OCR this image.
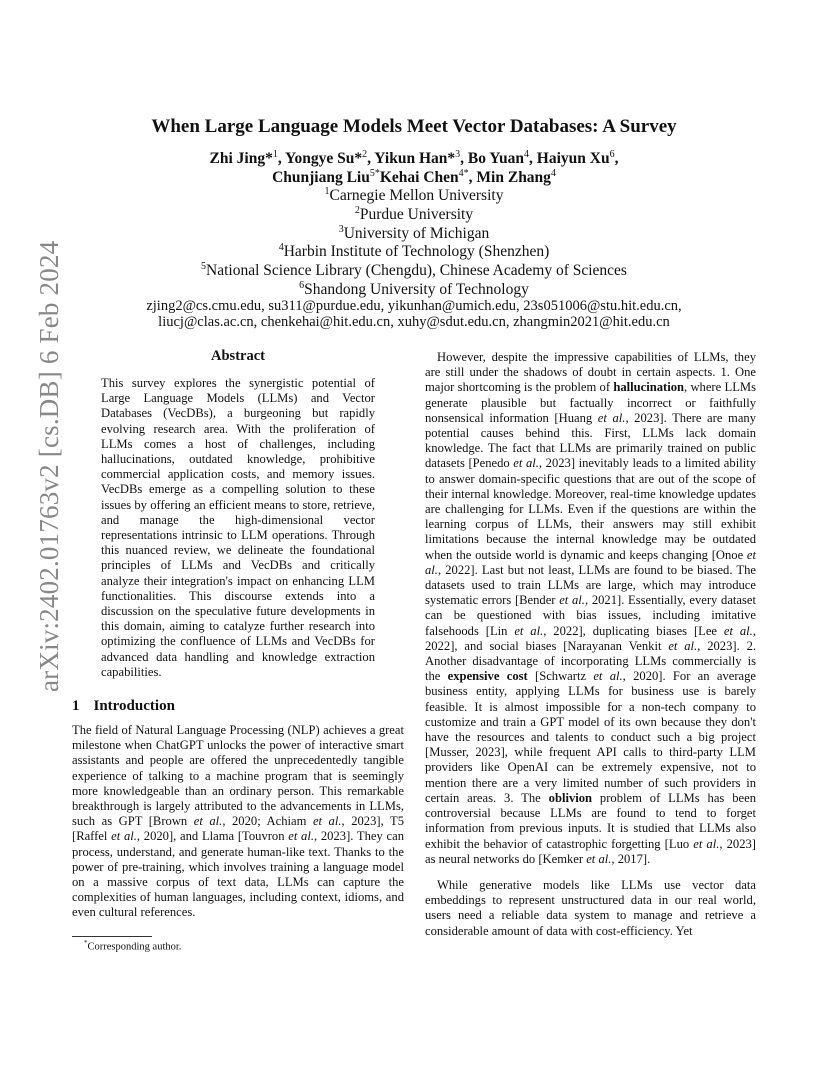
arXiv:2402.01763v2 [cs.DB] 6 Feb 2024
When Large Language Models Meet Vector Databases: A Survey
Zhi Jing*$^1$, Yongye Su*$^2$, Yikun Han*$^3$, Bo Yuan$^4$, Haiyun Xu$^6$,
Chunjiang Liu$^{5*}$Kehai Chen$^{4*}$, Min Zhang$^4$
$^1$Carnegie Mellon University
$^2$Purdue University
$^3$University of Michigan
$^4$Harbin Institute of Technology (Shenzhen)
$^5$National Science Library (Chengdu), Chinese Academy of Sciences
$^6$Shandong University of Technology
zjing2@cs.cmu.edu, su311@purdue.edu, yikunhan@umich.edu, 23s051006@stu.hit.edu.cn,
liucj@clas.ac.cn, chenkehai@hit.edu.cn, xuhy@sdut.edu.cn, zhangmin2021@hit.edu.cn
Abstract
This survey explores the synergistic potential of Large Language Models (LLMs) and Vector Databases (VecDBs), a burgeoning but rapidly evolving research area. With the proliferation of LLMs comes a host of challenges, including hallucinations, outdated knowledge, prohibitive commercial application costs, and memory issues. VecDBs emerge as a compelling solution to these issues by offering an efficient means to store, retrieve, and manage the high-dimensional vector representations intrinsic to LLM operations. Through this nuanced review, we delineate the foundational principles of LLMs and VecDBs and critically analyze their integration's impact on enhancing LLM functionalities. This discourse extends into a discussion on the speculative future developments in this domain, aiming to catalyze further research into optimizing the confluence of LLMs and VecDBs for advanced data handling and knowledge extraction capabilities.
1 Introduction
The field of Natural Language Processing (NLP) achieves a great milestone when ChatGPT unlocks the power of interactive smart assistants and people are offered the unprecedentedly tangible experience of talking to a machine program that is seemingly more knowledgeable than an ordinary person. This remarkable breakthrough is largely attributed to the advancements in LLMs, such as GPT [Brown et al., 2020; Achiam et al., 2023], T5 [Raffel et al., 2020], and Llama [Touvron et al., 2023]. They can process, understand, and generate human-like text. Thanks to the power of pre-training, which involves training a language model on a massive corpus of text data, LLMs can capture the complexities of human languages, including context, idioms, and even cultural references.

However, despite the impressive capabilities of LLMs, they are still under the shadows of doubt in certain aspects. 1. One major shortcoming is the problem of hallucination, where LLMs generate plausible but factually incorrect or faithfully nonsensical information [Huang et al., 2023]. There are many potential causes behind this. First, LLMs lack domain knowledge. The fact that LLMs are primarily trained on public datasets [Penedo et al., 2023] inevitably leads to a limited ability to answer domain-specific questions that are out of the scope of their internal knowledge. Moreover, real-time knowledge updates are challenging for LLMs. Even if the questions are within the learning corpus of LLMs, their answers may still exhibit limitations because the internal knowledge may be outdated when the outside world is dynamic and keeps changing [Onoe et al., 2022]. Last but not least, LLMs are found to be biased. The datasets used to train LLMs are large, which may introduce systematic errors [Bender et al., 2021]. Essentially, every dataset can be questioned with bias issues, including imitative falsehoods [Lin et al., 2022], duplicating biases [Lee et al., 2022], and social biases [Narayanan Venkit et al., 2023]. 2. Another disadvantage of incorporating LLMs commercially is the expensive cost [Schwartz et al., 2020]. For an average business entity, applying LLMs for business use is barely feasible. It is almost impossible for a non-tech company to customize and train a GPT model of its own because they don't have the resources and talents to conduct such a big project [Musser, 2023], while frequent API calls to third-party LLM providers like OpenAI can be extremely expensive, not to mention there are a very limited number of such providers in certain areas. 3. The oblivion problem of LLMs has been controversial because LLMs are found to tend to forget information from previous inputs. It is studied that LLMs also exhibit the behavior of catastrophic forgetting [Luo et al., 2023] as neural networks do [Kemker et al., 2017].

While generative models like LLMs use vector data embeddings to represent unstructured data in our real world, users need a reliable data system to manage and retrieve a considerable amount of data with cost-efficiency. Yet

*Corresponding author.
